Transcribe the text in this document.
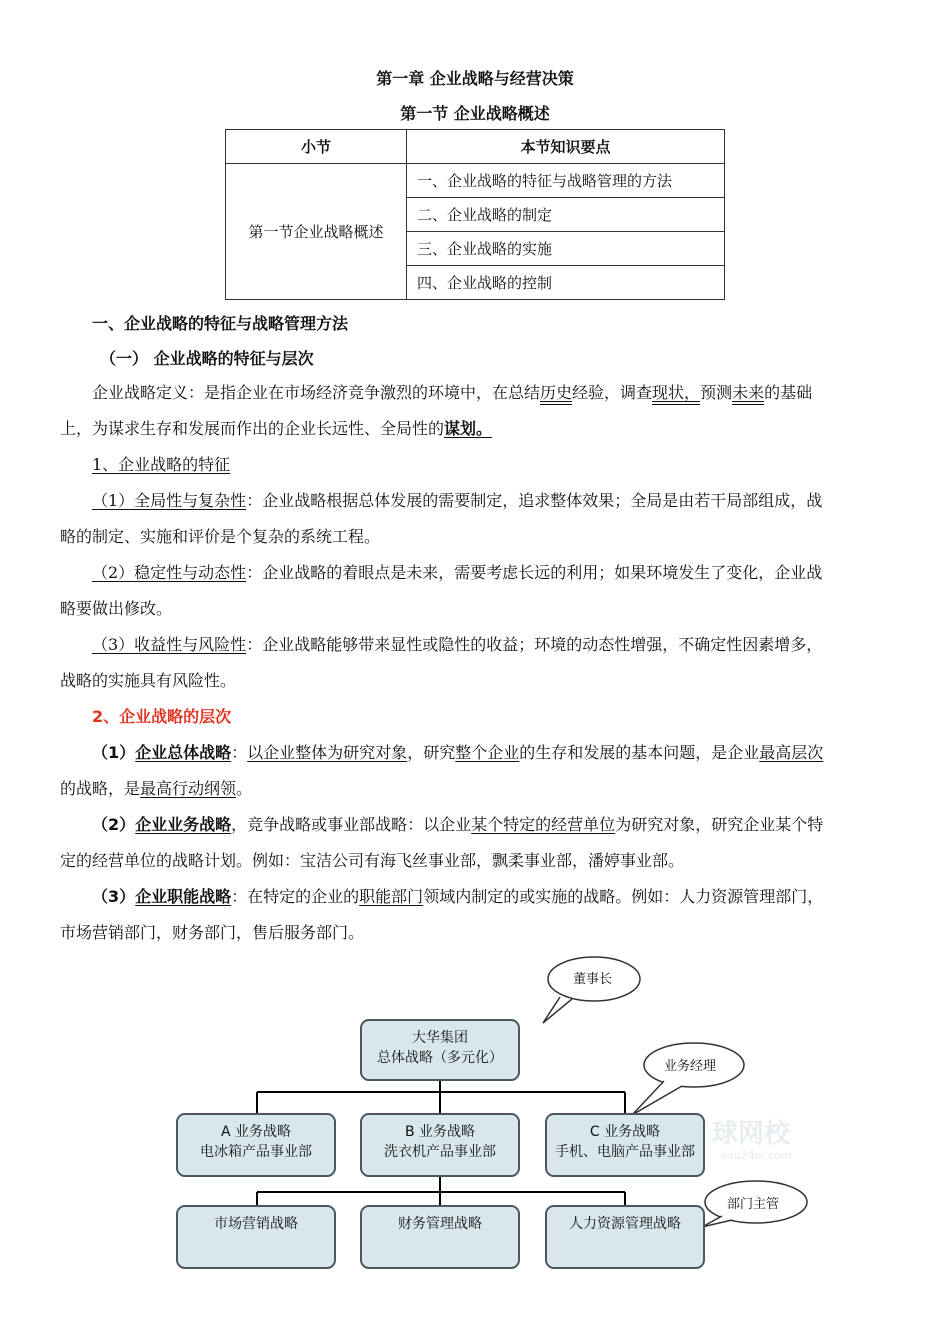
第一章 企业战略与经营决策
第一节 企业战略概述
小节	本节知识要点
第一节企业战略概述	一、企业战略的特征与战略管理的方法
	二、企业战略的制定
	三、企业战略的实施
	四、企业战略的控制
一、企业战略的特征与战略管理方法
（一） 企业战略的特征与层次
企业战略定义：是指企业在市场经济竞争激烈的环境中，在总结历史经验，调查现状，预测未来的基础
上，为谋求生存和发展而作出的企业长远性、全局性的谋划。
1、企业战略的特征
（1）全局性与复杂性：企业战略根据总体发展的需要制定，追求整体效果；全局是由若干局部组成，战
略的制定、实施和评价是个复杂的系统工程。
（2）稳定性与动态性：企业战略的着眼点是未来，需要考虑长远的利用；如果环境发生了变化，企业战
略要做出修改。
（3）收益性与风险性：企业战略能够带来显性或隐性的收益；环境的动态性增强，不确定性因素增多，
战略的实施具有风险性。
2、企业战略的层次
（1）企业总体战略：以企业整体为研究对象，研究整个企业的生存和发展的基本问题，是企业最高层次
的战略，是最高行动纲领。
（2）企业业务战略，竞争战略或事业部战略：以企业某个特定的经营单位为研究对象，研究企业某个特
定的经营单位的战略计划。例如：宝洁公司有海飞丝事业部，飘柔事业部，潘婷事业部。
（3）企业职能战略：在特定的企业的职能部门领域内制定的或实施的战略。例如：人力资源管理部门，
市场营销部门，财务部门，售后服务部门。
球网校
edu24ol.com
董事长
业务经理
部门主管
大华集团
总体战略（多元化）
A 业务战略
电冰箱产品事业部
B 业务战略
洗衣机产品事业部
C 业务战略
手机、电脑产品事业部
市场营销战略	财务管理战略	人力资源管理战略
